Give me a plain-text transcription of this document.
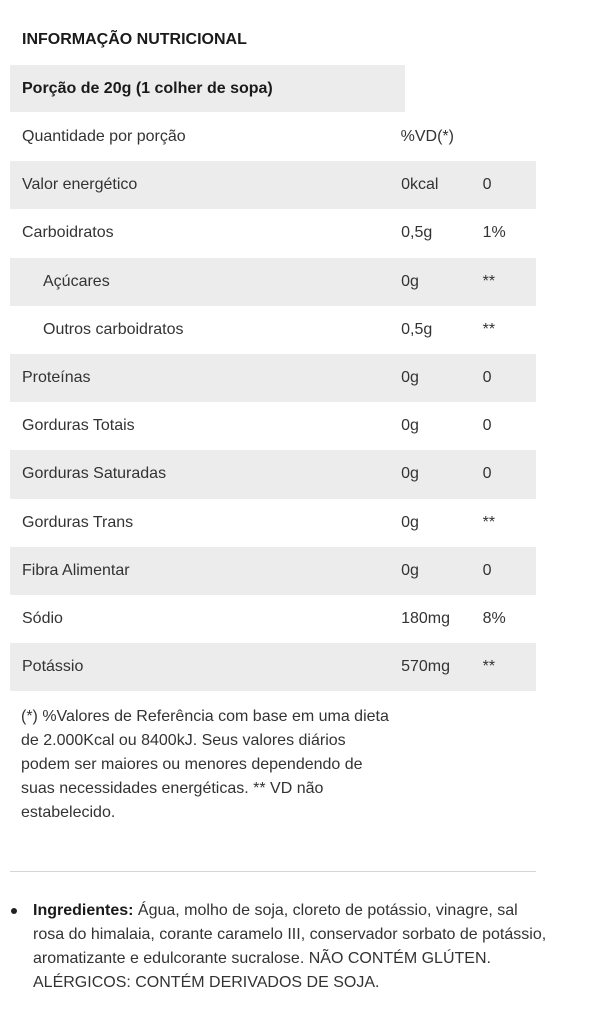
INFORMAÇÃO NUTRICIONAL
Porção de 20g (1 colher de sopa)
Quantidade por porção		%VD(*)
Valor energético	0kcal	0
Carboidratos	0,5g	1%
Açúcares	0g	**
Outros carboidratos	0,5g	**
Proteínas	0g	0
Gorduras Totais	0g	0
Gorduras Saturadas	0g	0
Gorduras Trans	0g	**
Fibra Alimentar	0g	0
Sódio	180mg	8%
Potássio	570mg	**
(*) %Valores de Referência com base em uma dieta de 2.000Kcal ou 8400kJ. Seus valores diários podem ser maiores ou menores dependendo de suas necessidades energéticas. ** VD não estabelecido.
Ingredientes: Água, molho de soja, cloreto de potássio, vinagre, sal rosa do himalaia, corante caramelo III, conservador sorbato de potássio, aromatizante e edulcorante sucralose. NÃO CONTÉM GLÚTEN. ALÉRGICOS: CONTÉM DERIVADOS DE SOJA.
